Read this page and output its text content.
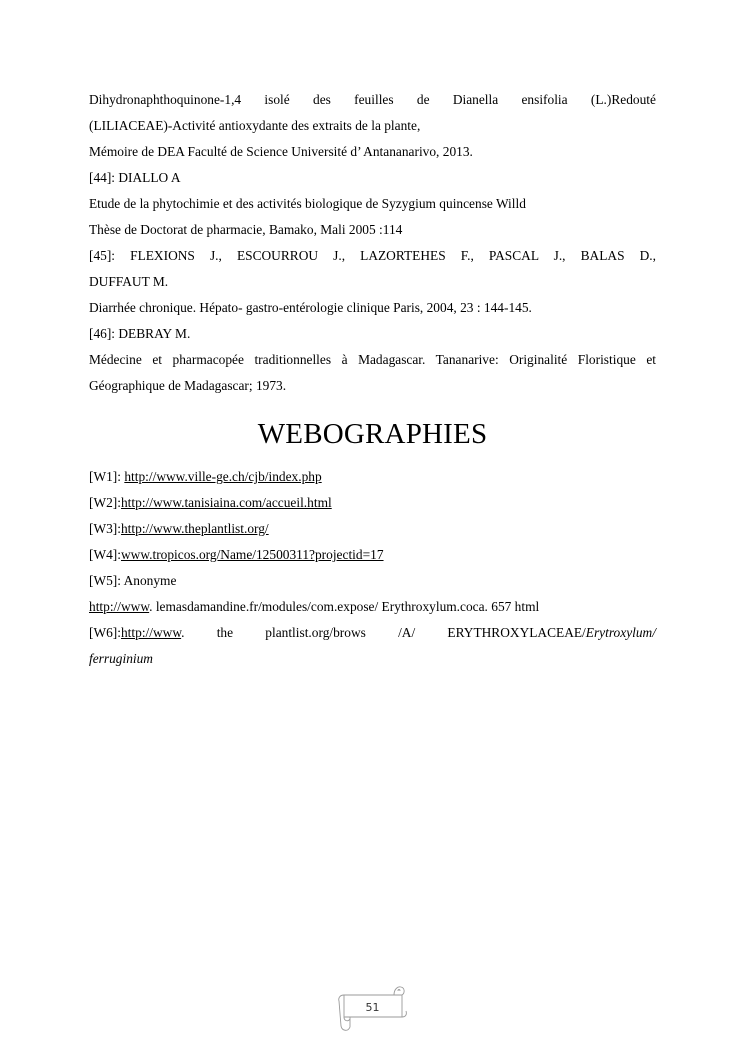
Dihydronaphthoquinone-1,4 isolé des feuilles de Dianella ensifolia (L.)Redouté
(LILIACEAE)-Activité antioxydante des extraits de la plante,
Mémoire de DEA Faculté de Science Université d’ Antananarivo, 2013.
[44]: DIALLO A
Etude de la phytochimie et des activités biologique de Syzygium quincense Willd
Thèse de Doctorat de pharmacie, Bamako, Mali 2005 :114
[45]: FLEXIONS J., ESCOURROU J., LAZORTEHES F., PASCAL J., BALAS D.,
DUFFAUT M.
Diarrhée chronique. Hépato- gastro-entérologie clinique Paris, 2004, 23 : 144-145.
[46]: DEBRAY M.
Médecine et pharmacopée traditionnelles à Madagascar. Tananarive: Originalité Floristique et
Géographique de Madagascar; 1973.
WEBOGRAPHIES
[W1]: http://www.ville-ge.ch/cjb/index.php
[W2]:http://www.tanisiaina.com/accueil.html
[W3]:http://www.theplantlist.org/
[W4]:www.tropicos.org/Name/12500311?projectid=17
[W5]: Anonyme
http://www. lemasdamandine.fr/modules/com.expose/ Erythroxylum.coca. 657 html
[W6]:http://www. the plantlist.org/brows /A/ ERYTHROXYLACEAE/Erytroxylum/
ferruginium
51
